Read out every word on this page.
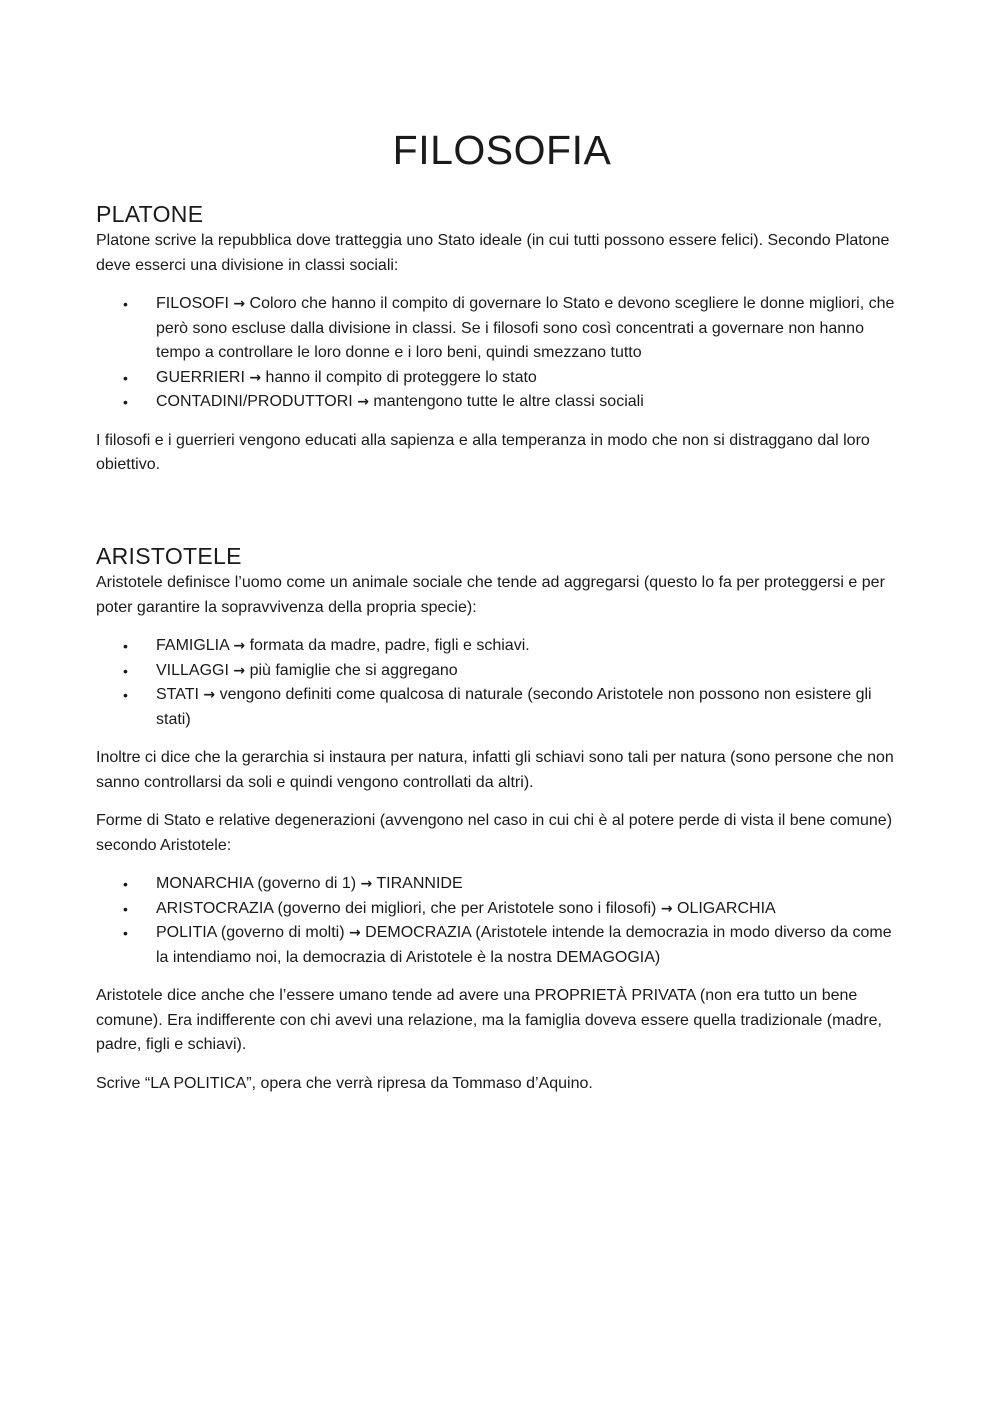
FILOSOFIA
PLATONE

Platone scrive la repubblica dove tratteggia uno Stato ideale (in cui tutti possono essere felici). Secondo Platone deve esserci una divisione in classi sociali:

• FILOSOFI → Coloro che hanno il compito di governare lo Stato e devono scegliere le donne migliori, che però sono escluse dalla divisione in classi. Se i filosofi sono così concentrati a governare non hanno tempo a controllare le loro donne e i loro beni, quindi smezzano tutto
• GUERRIERI → hanno il compito di proteggere lo stato
• CONTADINI/PRODUTTORI → mantengono tutte le altre classi sociali

I filosofi e i guerrieri vengono educati alla sapienza e alla temperanza in modo che non si distraggano dal loro obiettivo.

ARISTOTELE

Aristotele definisce l’uomo come un animale sociale che tende ad aggregarsi (questo lo fa per proteggersi e per poter garantire la sopravvivenza della propria specie):

• FAMIGLIA → formata da madre, padre, figli e schiavi.
• VILLAGGI → più famiglie che si aggregano
• STATI → vengono definiti come qualcosa di naturale (secondo Aristotele non possono non esistere gli stati)

Inoltre ci dice che la gerarchia si instaura per natura, infatti gli schiavi sono tali per natura (sono persone che non sanno controllarsi da soli e quindi vengono controllati da altri).

Forme di Stato e relative degenerazioni (avvengono nel caso in cui chi è al potere perde di vista il bene comune) secondo Aristotele:

• MONARCHIA (governo di 1) → TIRANNIDE
• ARISTOCRAZIA (governo dei migliori, che per Aristotele sono i filosofi) → OLIGARCHIA
• POLITIA (governo di molti) → DEMOCRAZIA (Aristotele intende la democrazia in modo diverso da come la intendiamo noi, la democrazia di Aristotele è la nostra DEMAGOGIA)

Aristotele dice anche che l’essere umano tende ad avere una PROPRIETÀ PRIVATA (non era tutto un bene comune). Era indifferente con chi avevi una relazione, ma la famiglia doveva essere quella tradizionale (madre, padre, figli e schiavi).

Scrive “LA POLITICA”, opera che verrà ripresa da Tommaso d’Aquino.
